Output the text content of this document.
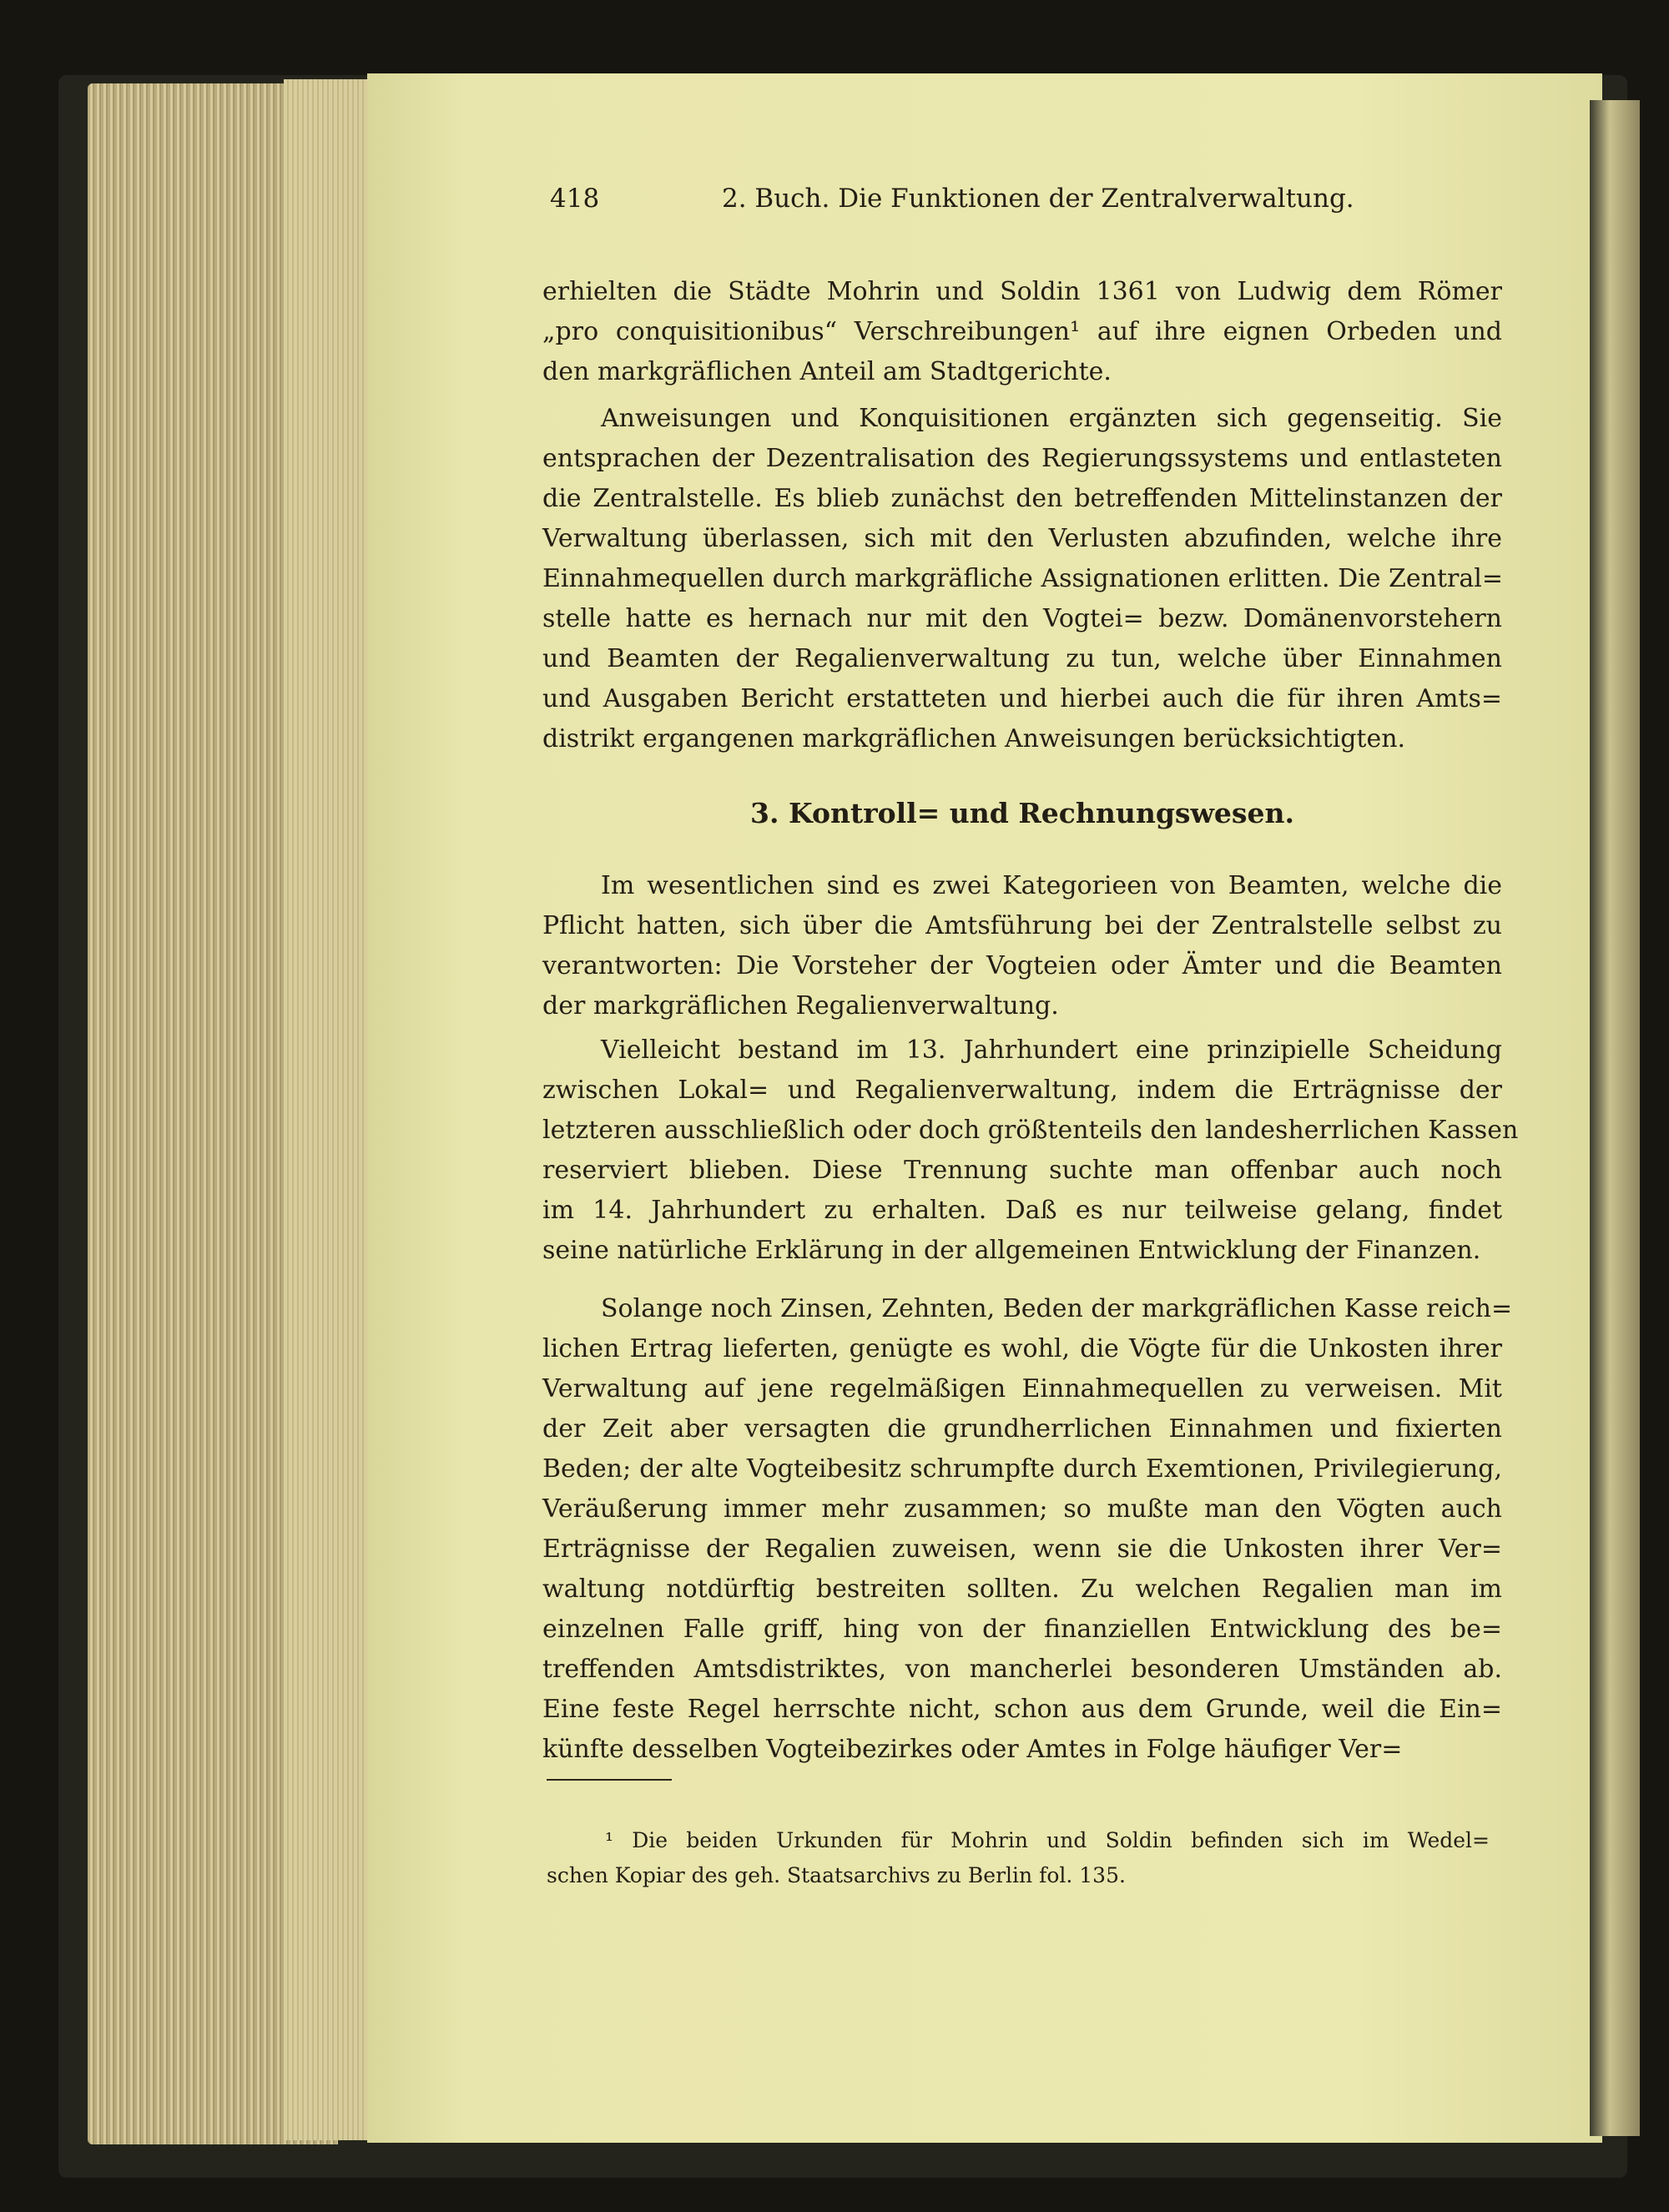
418	2. Buch. Die Funktionen der Zentralverwaltung.
erhielten die Städte Mohrin und Soldin 1361 von Ludwig dem Römer
„pro conquisitionibus“ Verschreibungen¹ auf ihre eignen Orbeden und
den markgräflichen Anteil am Stadtgerichte.
Anweisungen und Konquisitionen ergänzten sich gegenseitig. Sie
entsprachen der Dezentralisation des Regierungssystems und entlasteten
die Zentralstelle. Es blieb zunächst den betreffenden Mittelinstanzen der
Verwaltung überlassen, sich mit den Verlusten abzufinden, welche ihre
Einnahmequellen durch markgräfliche Assignationen erlitten. Die Zentral=
stelle hatte es hernach nur mit den Vogtei= bezw. Domänenvorstehern
und Beamten der Regalienverwaltung zu tun, welche über Einnahmen
und Ausgaben Bericht erstatteten und hierbei auch die für ihren Amts=
distrikt ergangenen markgräflichen Anweisungen berücksichtigten.
3. Kontroll= und Rechnungswesen.
Im wesentlichen sind es zwei Kategorieen von Beamten, welche die
Pflicht hatten, sich über die Amtsführung bei der Zentralstelle selbst zu
verantworten: Die Vorsteher der Vogteien oder Ämter und die Beamten
der markgräflichen Regalienverwaltung.
Vielleicht bestand im 13. Jahrhundert eine prinzipielle Scheidung
zwischen Lokal= und Regalienverwaltung, indem die Erträgnisse der
letzteren ausschließlich oder doch größtenteils den landesherrlichen Kassen
reserviert blieben. Diese Trennung suchte man offenbar auch noch
im 14. Jahrhundert zu erhalten. Daß es nur teilweise gelang, findet
seine natürliche Erklärung in der allgemeinen Entwicklung der Finanzen.
Solange noch Zinsen, Zehnten, Beden der markgräflichen Kasse reich=
lichen Ertrag lieferten, genügte es wohl, die Vögte für die Unkosten ihrer
Verwaltung auf jene regelmäßigen Einnahmequellen zu verweisen. Mit
der Zeit aber versagten die grundherrlichen Einnahmen und fixierten
Beden; der alte Vogteibesitz schrumpfte durch Exemtionen, Privilegierung,
Veräußerung immer mehr zusammen; so mußte man den Vögten auch
Erträgnisse der Regalien zuweisen, wenn sie die Unkosten ihrer Ver=
waltung notdürftig bestreiten sollten. Zu welchen Regalien man im
einzelnen Falle griff, hing von der finanziellen Entwicklung des be=
treffenden Amtsdistriktes, von mancherlei besonderen Umständen ab.
Eine feste Regel herrschte nicht, schon aus dem Grunde, weil die Ein=
künfte desselben Vogteibezirkes oder Amtes in Folge häufiger Ver=
¹ Die beiden Urkunden für Mohrin und Soldin befinden sich im Wedel=
schen Kopiar des geh. Staatsarchivs zu Berlin fol. 135.
